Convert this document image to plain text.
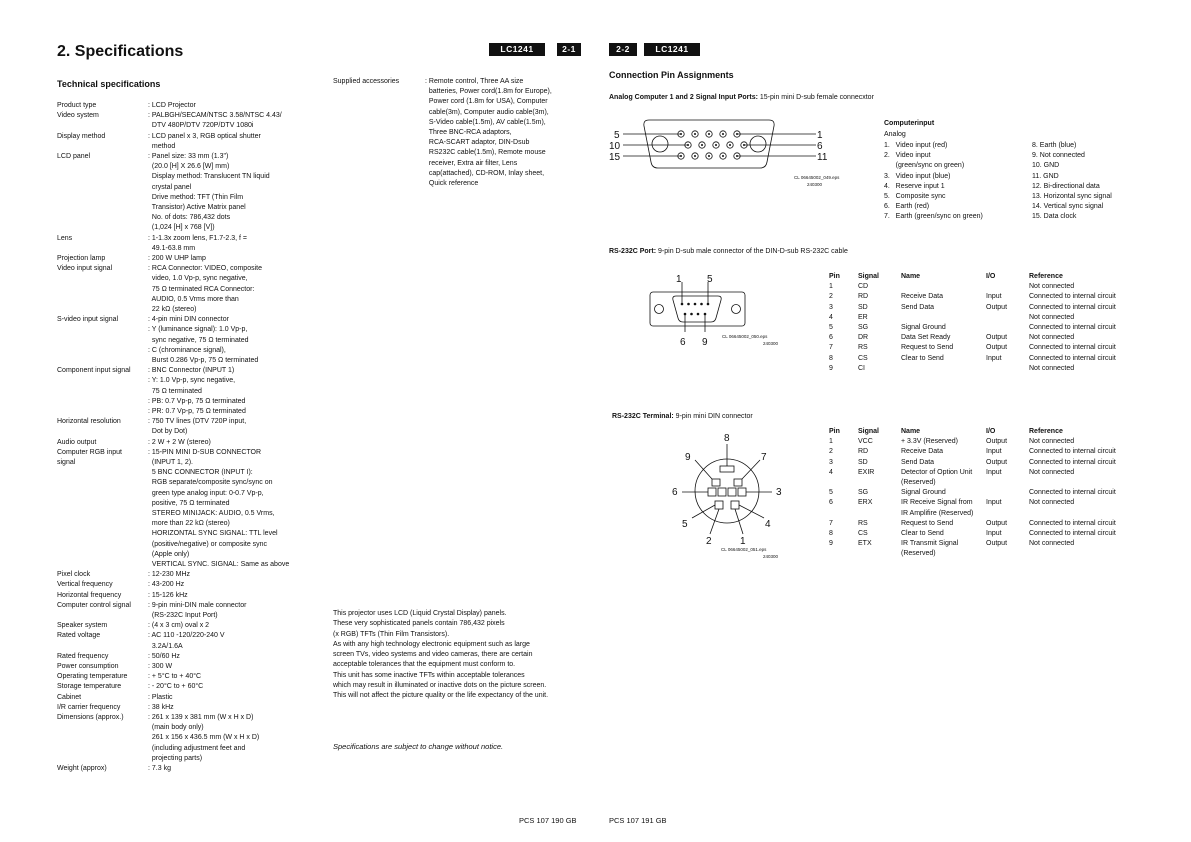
2. Specifications	LC1241	2-1	2-2	LC1241
Technical specifications
Product type	: LCD Projector
Video system	: PALBGH/SECAM/NTSC 3.58/NTSC 4.43/
DTV 480P/DTV 720P/DTV 1080i
Display method	: LCD panel x 3, RGB optical shutter
method
LCD panel	: Panel size: 33 mm (1.3")
(20.0 [H] X 26.6 [W] mm)
Display method: Translucent TN liquid
crystal panel
Drive method: TFT (Thin Film
Transistor) Active Matrix panel
No. of dots: 786,432 dots
(1,024 [H] x 768 [V])
Lens	: 1-1.3x zoom lens, F1.7-2.3, f =
49.1-63.8 mm
Projection lamp	: 200 W UHP lamp
Video input signal	: RCA Connector: VIDEO, composite
video, 1.0 Vp-p, sync negative,
75 Ω terminated RCA Connector:
AUDIO, 0.5 Vrms more than
22 kΩ (stereo)
S-video input signal	: 4-pin mini DIN connector
: Y (luminance signal): 1.0 Vp-p,
sync negative, 75 Ω terminated
: C (chrominance signal),
Burst 0.286 Vp-p, 75 Ω terminated
Component input signal : BNC Connector (INPUT 1)
: Y: 1.0 Vp-p, sync negative,
75 Ω terminated
: PB: 0.7 Vp-p, 75 Ω terminated
: PR: 0.7 Vp-p, 75 Ω terminated
Horizontal resolution	: 750 TV lines (DTV 720P input,
Dot by Dot)
Audio output	: 2 W + 2 W (stereo)
Computer RGB input
signal
: 15-PIN MINI D-SUB CONNECTOR
(INPUT 1, 2).
5 BNC CONNECTOR (INPUT I):
RGB separate/composite sync/sync on
green type analog input: 0-0.7 Vp-p,
positive, 75 Ω terminated
STEREO MINIJACK: AUDIO, 0.5 Vrms,
more than 22 kΩ (stereo)
HORIZONTAL SYNC SIGNAL: TTL level
(positive/negative) or composite sync
(Apple only)
VERTICAL SYNC. SIGNAL: Same as above
Pixel clock	: 12-230 MHz
Vertical frequency	: 43-200 Hz
Horizontal frequency	: 15-126 kHz
Computer control signal : 9-pin mini-DIN male connector
(RS-232C Input Port)
Speaker system	: (4 x 3 cm) oval x 2
Rated voltage	: AC 110 -120/220-240 V
3.2A/1.6A
Rated frequency	: 50/60 Hz
Power consumption	: 300 W
Operating temperature	: + 5°C to + 40°C
Storage temperature	: - 20°C to + 60°C
Cabinet	: Plastic
I/R carrier frequency	: 38 kHz
Dimensions (approx.)	: 261 x 139 x 381 mm (W x H x D)
(main body only)
261 x 156 x 436.5 mm (W x H x D)
(including adjustment feet and
projecting parts)
Weight (approx)	: 7.3 kg
Supplied accessories	: Remote control, Three AA size
batteries, Power cord(1.8m for Europe),
Power cord (1.8m for USA), Computer
cable(3m), Computer audio cable(3m),
S-Video cable(1.5m), AV cable(1.5m),
Three BNC-RCA adaptors,
RCA-SCART adaptor, DIN-Dsub
RS232C cable(1.5m), Remote mouse
receiver, Extra air filter, Lens
cap(attached), CD-ROM, Inlay sheet,
Quick reference
This projector uses LCD (Liquid Crystal Display) panels.
These very sophisticated panels contain 786,432 pixels
(x RGB) TFTs (Thin Film Transistors).
As with any high technology electronic equipment such as large
screen TVs, video systems and video cameras, there are certain
acceptable tolerances that the equipment must conform to.
This unit has some inactive TFTs within acceptable tolerances
which may result in illuminated or inactive dots on the picture screen.
This will not affect the picture quality or the life expectancy of the unit.
Specifications are subject to change without notice.
Connection Pin Assignments
Analog Computer 1 and 2 Signal Input Ports: 15-pin mini D-sub female connecxtor
5
10
15
1
6
11
CL 06645002_049.eps
240300
Computerinput
Analog
1.   Video input (red)
2.   Video input
(green/sync on green)
3.   Video input (blue)
4.   Reserve input 1
5.   Composite sync
6.   Earth (red)
7.   Earth (green/sync on green)
8. Earth (blue)
9. Not connected
10. GND
11. GND
12. Bi-directional data
13. Horizontal sync signal
14. Vertical sync signal
15. Data clock
RS-232C Port: 9-pin D-sub male connector of the DIN-D-sub RS-232C cable
1	5
6 9
CL 06645002_050.eps
240300
Pin	Signal	Name	I/O	Reference
1	CD			Not connected
2	RD	Receive Data	Input	Connected to internal circuit
3	SD	Send Data	Output	Connected to internal circuit
4	ER			Not connected
5	SG	Signal Ground		Connected to internal circuit
6	DR	Data Set Ready	Output	Not connected
7	RS	Request to Send	Output	Connected to internal circuit
8	CS	Clear to Send	Input	Connected to internal circuit
9	CI			Not connected
RS-232C Terminal: 9-pin mini DIN connector
8
9	7
6	3
5	4
2	1
CL 06645002_051.eps
240300
Pin	Signal	Name	I/O	Reference
1	VCC	+ 3.3V (Reserved)	Output	Not connected
2	RD	Receive Data	Input	Connected to internal circuit
3	SD	Send Data	Output	Connected to internal circuit
4	EXIR	Detector of Option Unit	Input	Not connected
		(Reserved)		
5	SG	Signal Ground		Connected to internal circuit
6	ERX	IR Receive Signal from	Input	Not connected
		IR Amplifire (Reserved)		
7	RS	Request to Send	Output	Connected to internal circuit
8	CS	Clear to Send	Input	Connected to internal circuit
9	ETX	IR Transmit Signal	Output	Not connected
		(Reserved)		
PCS 107 190 GB	PCS 107 191 GB
